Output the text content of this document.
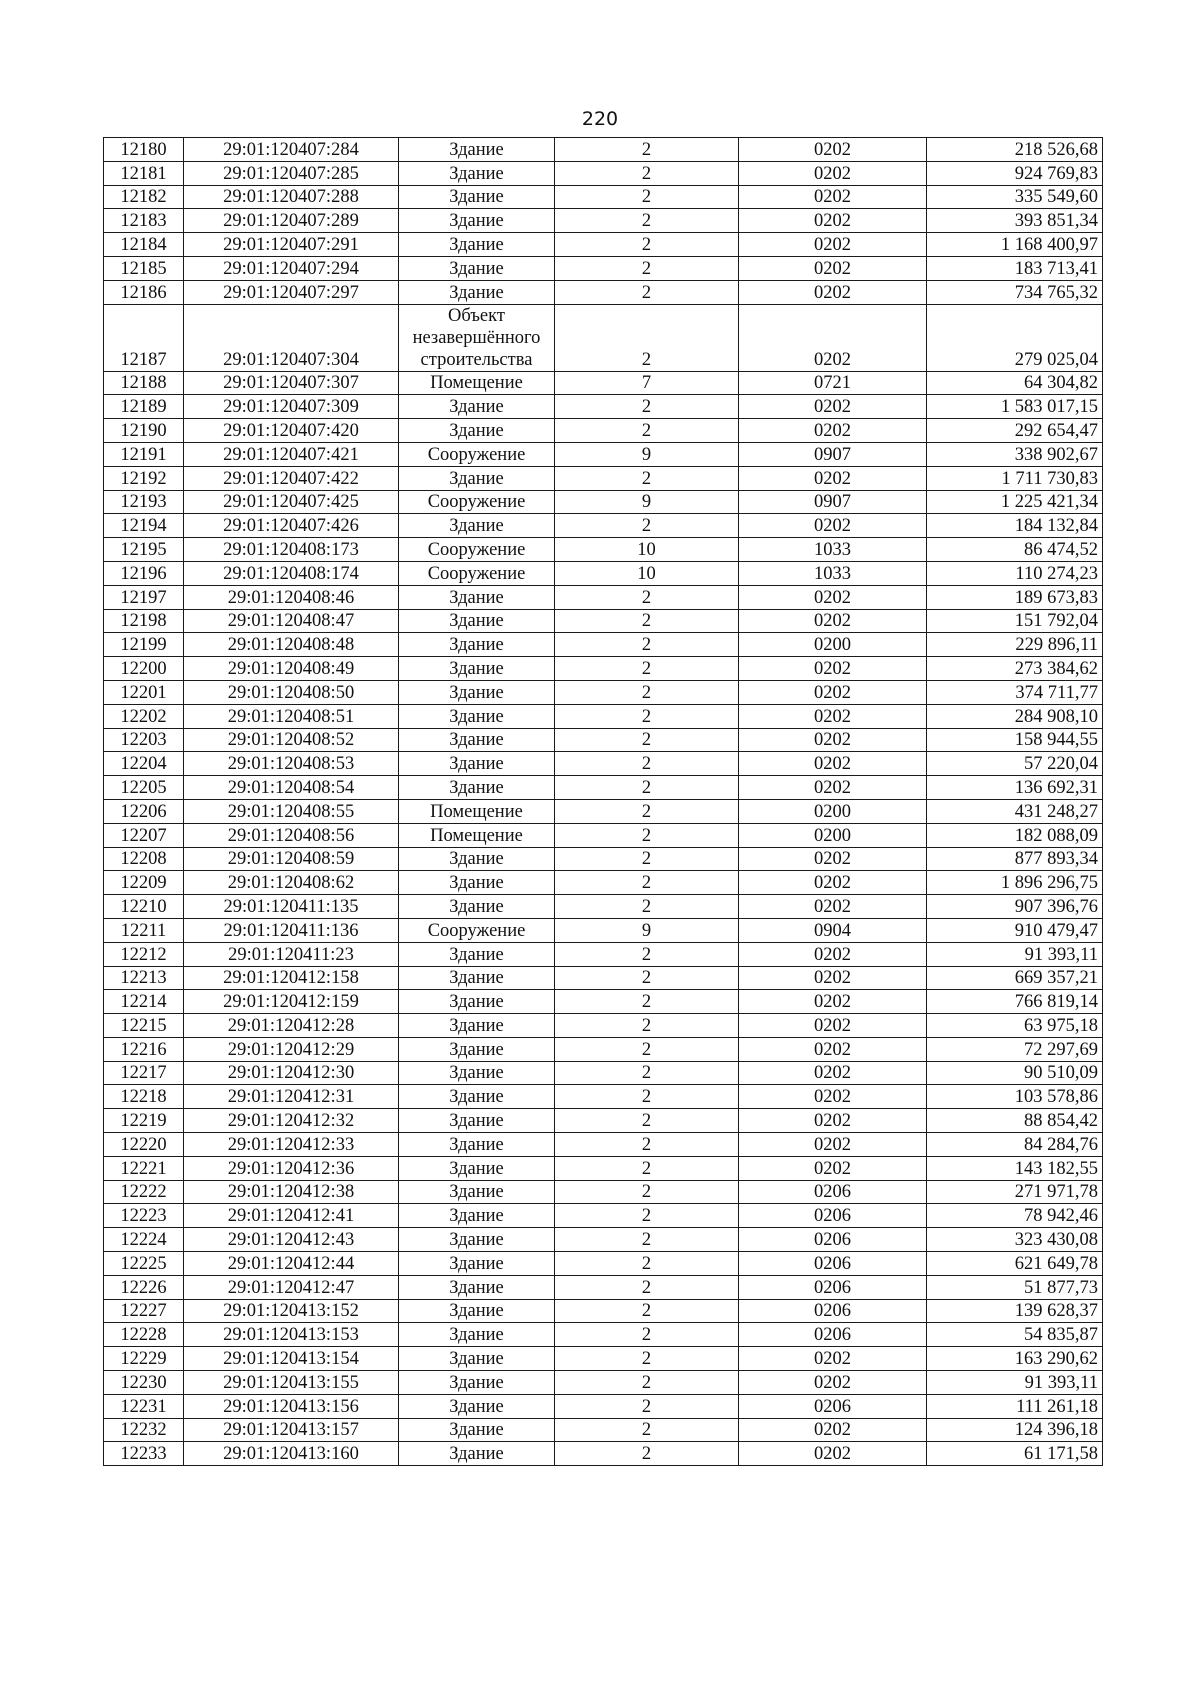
220
12180	29:01:120407:284	Здание	2	0202	218 526,68
12181	29:01:120407:285	Здание	2	0202	924 769,83
12182	29:01:120407:288	Здание	2	0202	335 549,60
12183	29:01:120407:289	Здание	2	0202	393 851,34
12184	29:01:120407:291	Здание	2	0202	1 168 400,97
12185	29:01:120407:294	Здание	2	0202	183 713,41
12186	29:01:120407:297	Здание	2	0202	734 765,32
12187	29:01:120407:304	Объект незавершённого строительства	2	0202	279 025,04
12188	29:01:120407:307	Помещение	7	0721	64 304,82
12189	29:01:120407:309	Здание	2	0202	1 583 017,15
12190	29:01:120407:420	Здание	2	0202	292 654,47
12191	29:01:120407:421	Сооружение	9	0907	338 902,67
12192	29:01:120407:422	Здание	2	0202	1 711 730,83
12193	29:01:120407:425	Сооружение	9	0907	1 225 421,34
12194	29:01:120407:426	Здание	2	0202	184 132,84
12195	29:01:120408:173	Сооружение	10	1033	86 474,52
12196	29:01:120408:174	Сооружение	10	1033	110 274,23
12197	29:01:120408:46	Здание	2	0202	189 673,83
12198	29:01:120408:47	Здание	2	0202	151 792,04
12199	29:01:120408:48	Здание	2	0200	229 896,11
12200	29:01:120408:49	Здание	2	0202	273 384,62
12201	29:01:120408:50	Здание	2	0202	374 711,77
12202	29:01:120408:51	Здание	2	0202	284 908,10
12203	29:01:120408:52	Здание	2	0202	158 944,55
12204	29:01:120408:53	Здание	2	0202	57 220,04
12205	29:01:120408:54	Здание	2	0202	136 692,31
12206	29:01:120408:55	Помещение	2	0200	431 248,27
12207	29:01:120408:56	Помещение	2	0200	182 088,09
12208	29:01:120408:59	Здание	2	0202	877 893,34
12209	29:01:120408:62	Здание	2	0202	1 896 296,75
12210	29:01:120411:135	Здание	2	0202	907 396,76
12211	29:01:120411:136	Сооружение	9	0904	910 479,47
12212	29:01:120411:23	Здание	2	0202	91 393,11
12213	29:01:120412:158	Здание	2	0202	669 357,21
12214	29:01:120412:159	Здание	2	0202	766 819,14
12215	29:01:120412:28	Здание	2	0202	63 975,18
12216	29:01:120412:29	Здание	2	0202	72 297,69
12217	29:01:120412:30	Здание	2	0202	90 510,09
12218	29:01:120412:31	Здание	2	0202	103 578,86
12219	29:01:120412:32	Здание	2	0202	88 854,42
12220	29:01:120412:33	Здание	2	0202	84 284,76
12221	29:01:120412:36	Здание	2	0202	143 182,55
12222	29:01:120412:38	Здание	2	0206	271 971,78
12223	29:01:120412:41	Здание	2	0206	78 942,46
12224	29:01:120412:43	Здание	2	0206	323 430,08
12225	29:01:120412:44	Здание	2	0206	621 649,78
12226	29:01:120412:47	Здание	2	0206	51 877,73
12227	29:01:120413:152	Здание	2	0206	139 628,37
12228	29:01:120413:153	Здание	2	0206	54 835,87
12229	29:01:120413:154	Здание	2	0202	163 290,62
12230	29:01:120413:155	Здание	2	0202	91 393,11
12231	29:01:120413:156	Здание	2	0206	111 261,18
12232	29:01:120413:157	Здание	2	0202	124 396,18
12233	29:01:120413:160	Здание	2	0202	61 171,58
